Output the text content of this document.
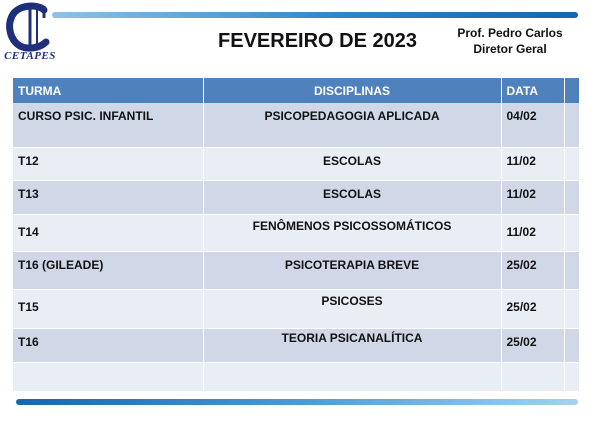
CETAPES
FEVEREIRO DE 2023	Prof. Pedro Carlos
Diretor Geral
TURMA	DISCIPLINAS	DATA	
CURSO PSIC. INFANTIL	PSICOPEDAGOGIA APLICADA	04/02	
T12	ESCOLAS	11/02	
T13	ESCOLAS	11/02	
T14	FENÔMENOS PSICOSSOMÁTICOS	11/02	
T16 (GILEADE)	PSICOTERAPIA BREVE	25/02	
T15	PSICOSES	25/02	
T16	TEORIA PSICANALÍTICA	25/02	
